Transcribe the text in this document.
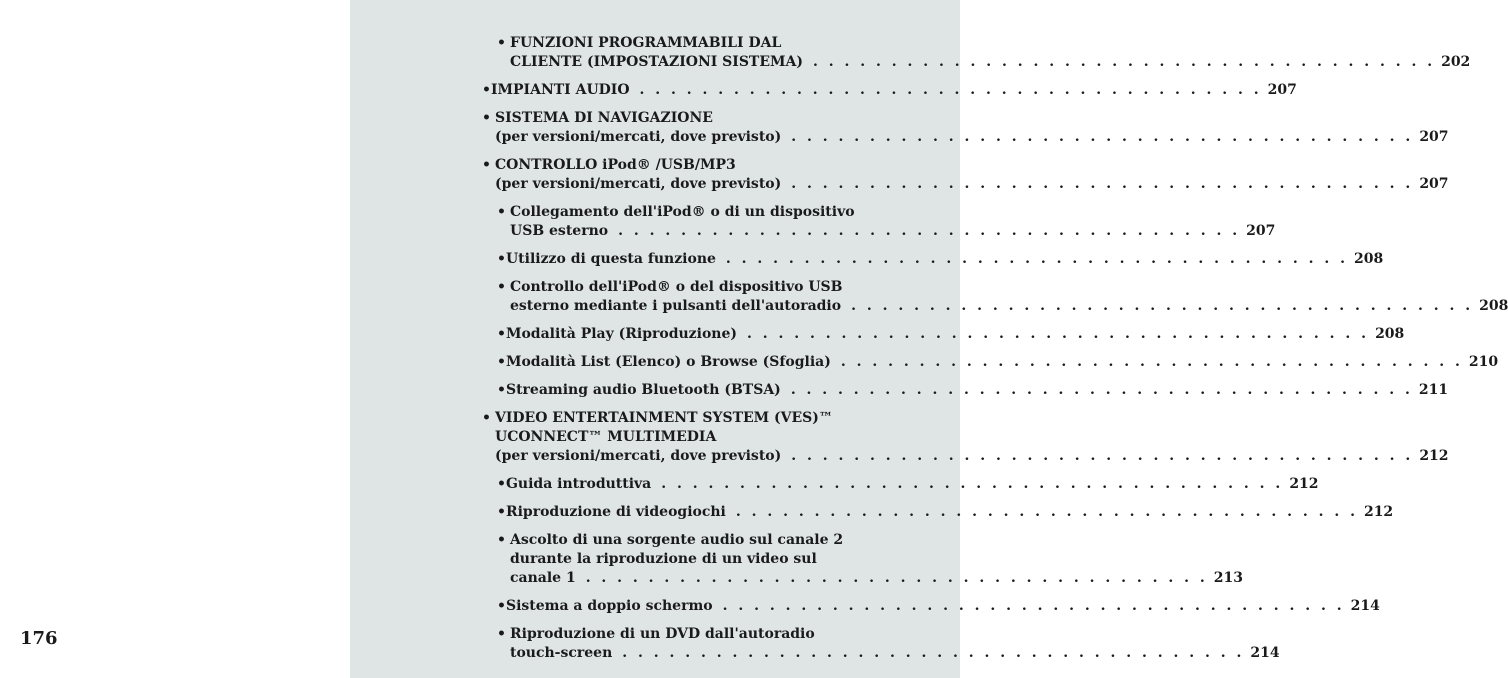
176
• FUNZIONI PROGRAMMABILI DAL
CLIENTE (IMPOSTAZIONI SISTEMA) . . . . . . . . . . . . . . . . . . . . . . . . . . . . . . . . . . . . . . . . 202
• IMPIANTI AUDIO . . . . . . . . . . . . . . . . . . . . . . . . . . . . . . . . . . . . . . . . 207
• SISTEMA DI NAVIGAZIONE
(per versioni/mercati, dove previsto) . . . . . . . . . . . . . . . . . . . . . . . . . . . . . . . . . . . . . . . . 207
• CONTROLLO iPod® /USB/MP3
(per versioni/mercati, dove previsto) . . . . . . . . . . . . . . . . . . . . . . . . . . . . . . . . . . . . . . . . 207
• Collegamento dell'iPod® o di un dispositivo
USB esterno . . . . . . . . . . . . . . . . . . . . . . . . . . . . . . . . . . . . . . . . 207
• Utilizzo di questa funzione . . . . . . . . . . . . . . . . . . . . . . . . . . . . . . . . . . . . . . . . 208
• Controllo dell'iPod® o del dispositivo USB
esterno mediante i pulsanti dell'autoradio . . . . . . . . . . . . . . . . . . . . . . . . . . . . . . . . . . . . . . . . 208
• Modalità Play (Riproduzione) . . . . . . . . . . . . . . . . . . . . . . . . . . . . . . . . . . . . . . . . 208
• Modalità List (Elenco) o Browse (Sfoglia) . . . . . . . . . . . . . . . . . . . . . . . . . . . . . . . . . . . . . . . . 210
• Streaming audio Bluetooth (BTSA) . . . . . . . . . . . . . . . . . . . . . . . . . . . . . . . . . . . . . . . . 211
• VIDEO ENTERTAINMENT SYSTEM (VES)™
UCONNECT™ MULTIMEDIA
(per versioni/mercati, dove previsto) . . . . . . . . . . . . . . . . . . . . . . . . . . . . . . . . . . . . . . . . 212
• Guida introduttiva . . . . . . . . . . . . . . . . . . . . . . . . . . . . . . . . . . . . . . . . 212
• Riproduzione di videogiochi . . . . . . . . . . . . . . . . . . . . . . . . . . . . . . . . . . . . . . . . 212
• Ascolto di una sorgente audio sul canale 2
durante la riproduzione di un video sul
canale 1 . . . . . . . . . . . . . . . . . . . . . . . . . . . . . . . . . . . . . . . . 213
• Sistema a doppio schermo . . . . . . . . . . . . . . . . . . . . . . . . . . . . . . . . . . . . . . . . 214
• Riproduzione di un DVD dall'autoradio
touch-screen . . . . . . . . . . . . . . . . . . . . . . . . . . . . . . . . . . . . . . . . 214
